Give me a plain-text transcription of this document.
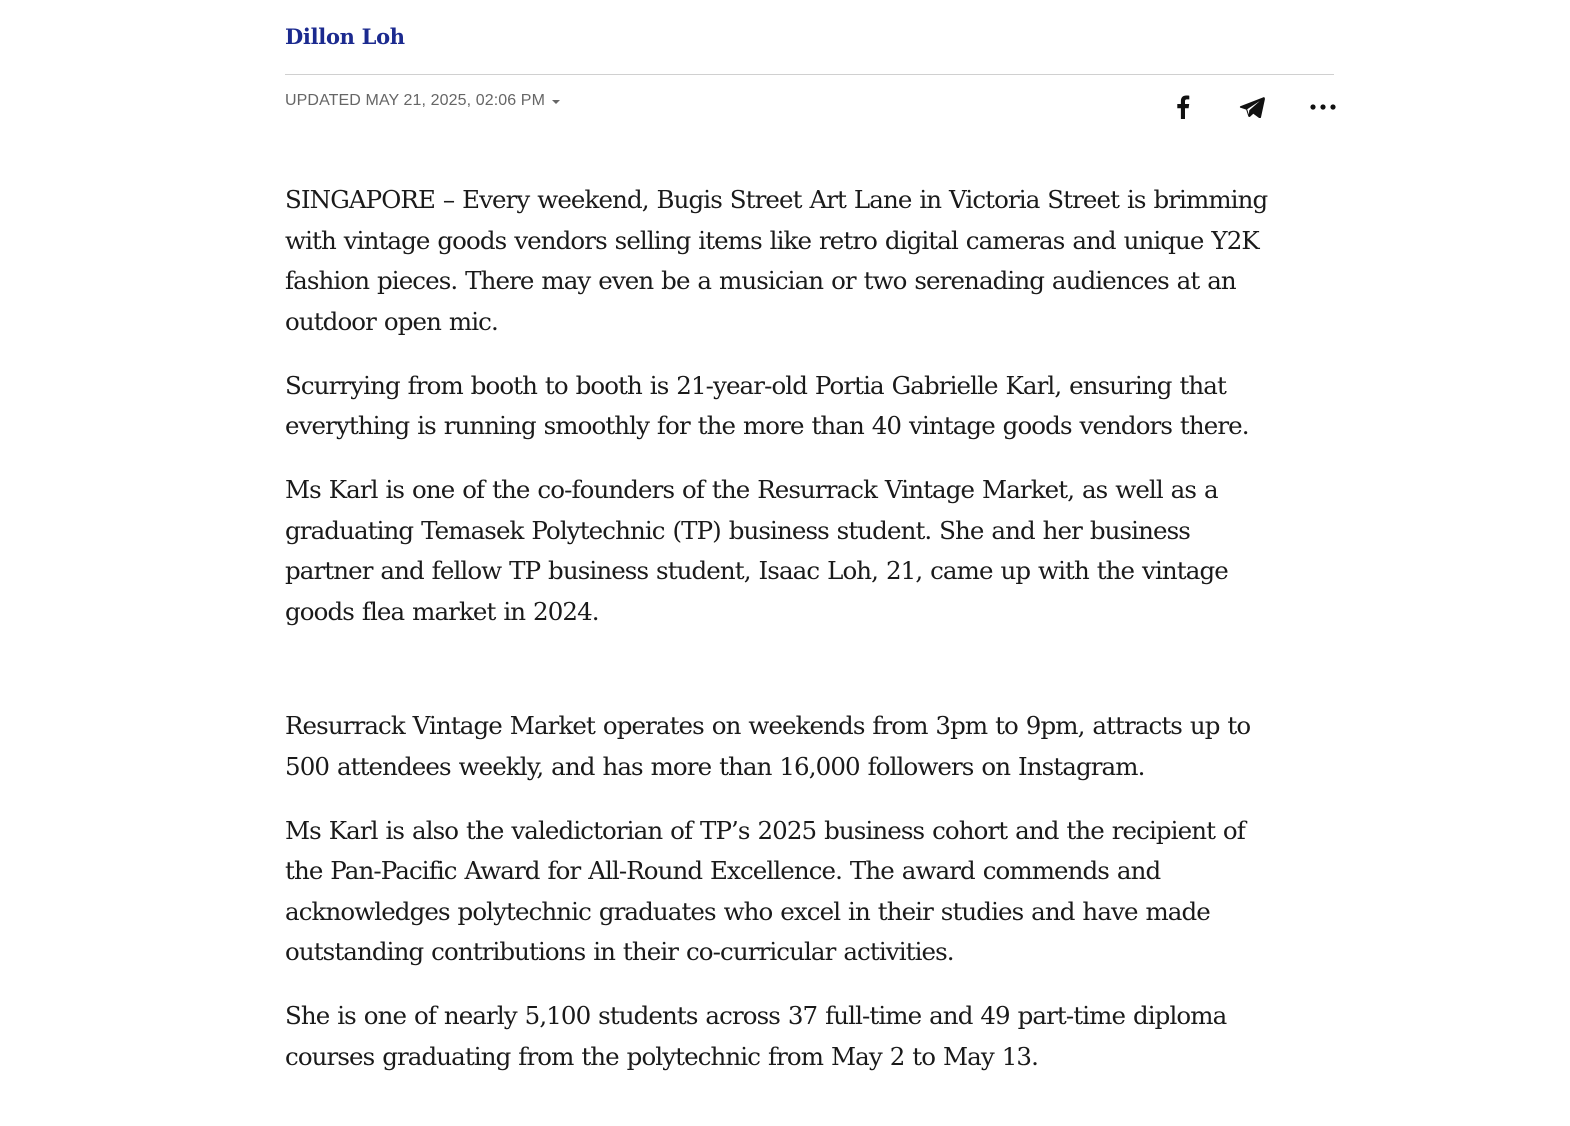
Dillon Loh
UPDATED MAY 21, 2025, 02:06 PM

SINGAPORE – Every weekend, Bugis Street Art Lane in Victoria Street is brimming
with vintage goods vendors selling items like retro digital cameras and unique Y2K
fashion pieces. There may even be a musician or two serenading audiences at an
outdoor open mic.

Scurrying from booth to booth is 21-year-old Portia Gabrielle Karl, ensuring that
everything is running smoothly for the more than 40 vintage goods vendors there.

Ms Karl is one of the co-founders of the Resurrack Vintage Market, as well as a
graduating Temasek Polytechnic (TP) business student. She and her business
partner and fellow TP business student, Isaac Loh, 21, came up with the vintage
goods flea market in 2024.

Resurrack Vintage Market operates on weekends from 3pm to 9pm, attracts up to
500 attendees weekly, and has more than 16,000 followers on Instagram.

Ms Karl is also the valedictorian of TP’s 2025 business cohort and the recipient of
the Pan-Pacific Award for All-Round Excellence. The award commends and
acknowledges polytechnic graduates who excel in their studies and have made
outstanding contributions in their co-curricular activities.

She is one of nearly 5,100 students across 37 full-time and 49 part-time diploma
courses graduating from the polytechnic from May 2 to May 13.
